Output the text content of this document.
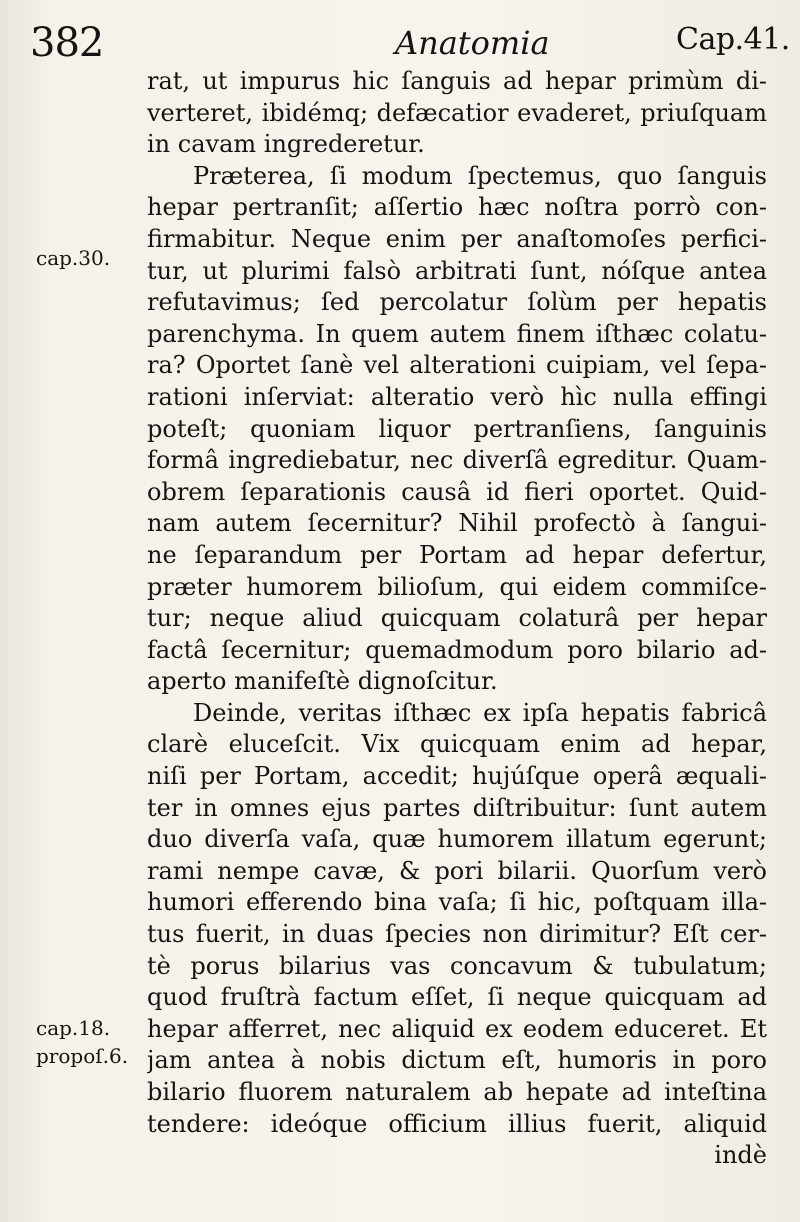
382	Anatomia	Cap.41.
cap.30.
cap.18.
propoſ.6.
rat, ut impurus hic ſanguis ad hepar primùm di-
verteret, ibidémq; defæcatior evaderet, priuſquam
in cavam ingrederetur.
Præterea, ſi modum ſpectemus, quo ſanguis
hepar pertranſit; aſſertio hæc noſtra porrò con-
firmabitur. Neque enim per anaſtomoſes perfici-
tur, ut plurimi falsò arbitrati ſunt, nóſque antea
refutavimus; ſed percolatur ſolùm per hepatis
parenchyma. In quem autem finem iſthæc colatu-
ra? Oportet ſanè vel alterationi cuipiam, vel ſepa-
rationi inſerviat: alteratio verò hìc nulla effingi
poteſt; quoniam liquor pertranſiens, ſanguinis
formâ ingrediebatur, nec diverſâ egreditur. Quam-
obrem ſeparationis causâ id fieri oportet. Quid-
nam autem ſecernitur? Nihil profectò à ſangui-
ne ſeparandum per Portam ad hepar defertur,
præter humorem bilioſum, qui eidem commiſce-
tur; neque aliud quicquam colaturâ per hepar
factâ ſecernitur; quemadmodum poro bilario ad-
aperto manifeſtè dignoſcitur.
Deinde, veritas iſthæc ex ipſa hepatis fabricâ
clarè eluceſcit. Vix quicquam enim ad hepar,
niſi per Portam, accedit; hujúſque operâ æquali-
ter in omnes ejus partes diſtribuitur: ſunt autem
duo diverſa vaſa, quæ humorem illatum egerunt;
rami nempe cavæ, & pori bilarii. Quorſum verò
humori efferendo bina vaſa; ſi hic, poſtquam illa-
tus fuerit, in duas ſpecies non dirimitur? Eſt cer-
tè porus bilarius vas concavum & tubulatum;
quod fruſtrà factum eſſet, ſi neque quicquam ad
hepar afferret, nec aliquid ex eodem educeret. Et
jam antea à nobis dictum eſt, humoris in poro
bilario fluorem naturalem ab hepate ad inteſtina
tendere: ideóque officium illius fuerit, aliquid
indè
